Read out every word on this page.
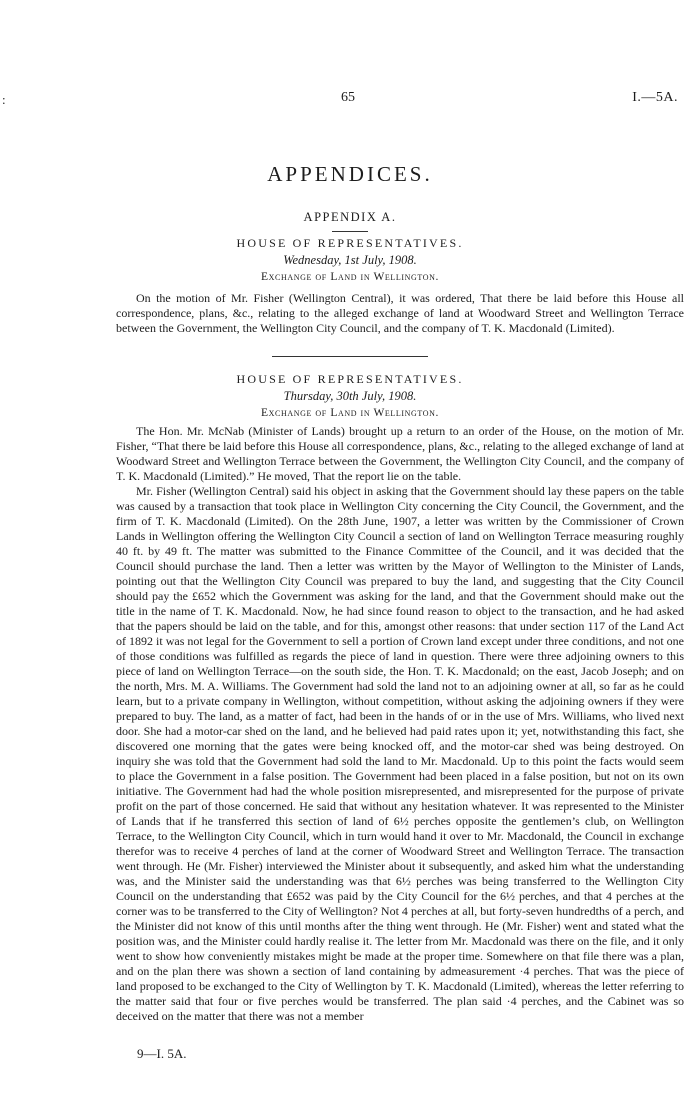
:	65	I.—5A.
APPENDICES.
APPENDIX A.
HOUSE OF REPRESENTATIVES.
Wednesday, 1st July, 1908.
Exchange of Land in Wellington.

On the motion of Mr. Fisher (Wellington Central), it was ordered, That there be laid before this House all correspondence, plans, &c., relating to the alleged exchange of land at Woodward Street and Wellington Terrace between the Government, the Wellington City Council, and the company of T. K. Macdonald (Limited).

HOUSE OF REPRESENTATIVES.
Thursday, 30th July, 1908.
Exchange of Land in Wellington.

The Hon. Mr. McNab (Minister of Lands) brought up a return to an order of the House, on the motion of Mr. Fisher, “That there be laid before this House all correspondence, plans, &c., relating to the alleged exchange of land at Woodward Street and Wellington Terrace between the Government, the Wellington City Council, and the company of T. K. Macdonald (Limited).” He moved, That the report lie on the table.

Mr. Fisher (Wellington Central) said his object in asking that the Government should lay these papers on the table was caused by a transaction that took place in Wellington City concerning the City Council, the Government, and the firm of T. K. Macdonald (Limited). On the 28th June, 1907, a letter was written by the Commissioner of Crown Lands in Wellington offering the Wellington City Council a section of land on Wellington Terrace measuring roughly 40 ft. by 49 ft. The matter was submitted to the Finance Committee of the Council, and it was decided that the Council should purchase the land. Then a letter was written by the Mayor of Wellington to the Minister of Lands, pointing out that the Wellington City Council was prepared to buy the land, and suggesting that the City Council should pay the £652 which the Government was asking for the land, and that the Government should make out the title in the name of T. K. Macdonald. Now, he had since found reason to object to the transaction, and he had asked that the papers should be laid on the table, and for this, amongst other reasons: that under section 117 of the Land Act of 1892 it was not legal for the Government to sell a portion of Crown land except under three conditions, and not one of those conditions was fulfilled as regards the piece of land in question. There were three adjoining owners to this piece of land on Wellington Terrace—on the south side, the Hon. T. K. Macdonald; on the east, Jacob Joseph; and on the north, Mrs. M. A. Williams. The Government had sold the land not to an adjoining owner at all, so far as he could learn, but to a private company in Wellington, without competition, without asking the adjoining owners if they were prepared to buy. The land, as a matter of fact, had been in the hands of or in the use of Mrs. Williams, who lived next door. She had a motor-car shed on the land, and he believed had paid rates upon it; yet, notwithstanding this fact, she discovered one morning that the gates were being knocked off, and the motor-car shed was being destroyed. On inquiry she was told that the Government had sold the land to Mr. Macdonald. Up to this point the facts would seem to place the Government in a false position. The Government had been placed in a false position, but not on its own initiative. The Government had had the whole position misrepresented, and misrepresented for the purpose of private profit on the part of those concerned. He said that without any hesitation whatever. It was represented to the Minister of Lands that if he transferred this section of land of 6½ perches opposite the gentlemen’s club, on Wellington Terrace, to the Wellington City Council, which in turn would hand it over to Mr. Macdonald, the Council in exchange therefor was to receive 4 perches of land at the corner of Woodward Street and Wellington Terrace. The transaction went through. He (Mr. Fisher) interviewed the Minister about it subsequently, and asked him what the understanding was, and the Minister said the understanding was that 6½ perches was being transferred to the Wellington City Council on the understanding that £652 was paid by the City Council for the 6½ perches, and that 4 perches at the corner was to be transferred to the City of Wellington? Not 4 perches at all, but forty-seven hundredths of a perch, and the Minister did not know of this until months after the thing went through. He (Mr. Fisher) went and stated what the position was, and the Minister could hardly realise it. The letter from Mr. Macdonald was there on the file, and it only went to show how conveniently mistakes might be made at the proper time. Somewhere on that file there was a plan, and on the plan there was shown a section of land containing by admeasurement ·4 perches. That was the piece of land proposed to be exchanged to the City of Wellington by T. K. Macdonald (Limited), whereas the letter referring to the matter said that four or five perches would be transferred. The plan said ·4 perches, and the Cabinet was so deceived on the matter that there was not a member

9—I. 5A.
